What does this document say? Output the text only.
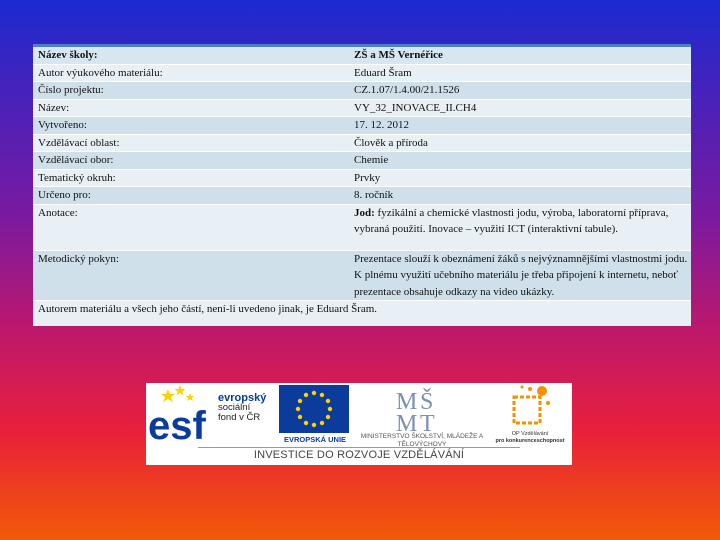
Název školy:	ZŠ a MŠ Vernéřice
Autor výukového materiálu:	Eduard Šram
Číslo projektu:	CZ.1.07/1.4.00/21.1526
Název:	VY_32_INOVACE_II.CH4
Vytvořeno:	17. 12. 2012
Vzdělávací oblast:	Člověk a příroda
Vzdělávací obor:	Chemie
Tematický okruh:	Prvky
Určeno pro:	8. ročník
Anotace:	Jod: fyzikální a chemické vlastnosti jodu, výroba, laboratorní příprava, vybraná použití. Inovace – využití ICT (interaktivní tabule).
Metodický pokyn:	Prezentace slouží k obeznámení žáků s nejvýznamnějšími vlastnostmi jodu. K plnému využití učebního materiálu je třeba připojení k internetu, neboť prezentace obsahuje odkazy na video ukázky.
Autorem materiálu a všech jeho částí, není-li uvedeno jinak, je Eduard Šram.	
esf
evropský
sociální
fond v ČR
EVROPSKÁ UNIE
M Š
M T
MINISTERSTVO ŠKOLSTVÍ, MLÁDEŽE A TĚLOVÝCHOVY
OP Vzdělávání
pro konkurenceschopnost
INVESTICE DO ROZVOJE VZDĚLÁVÁNÍ
